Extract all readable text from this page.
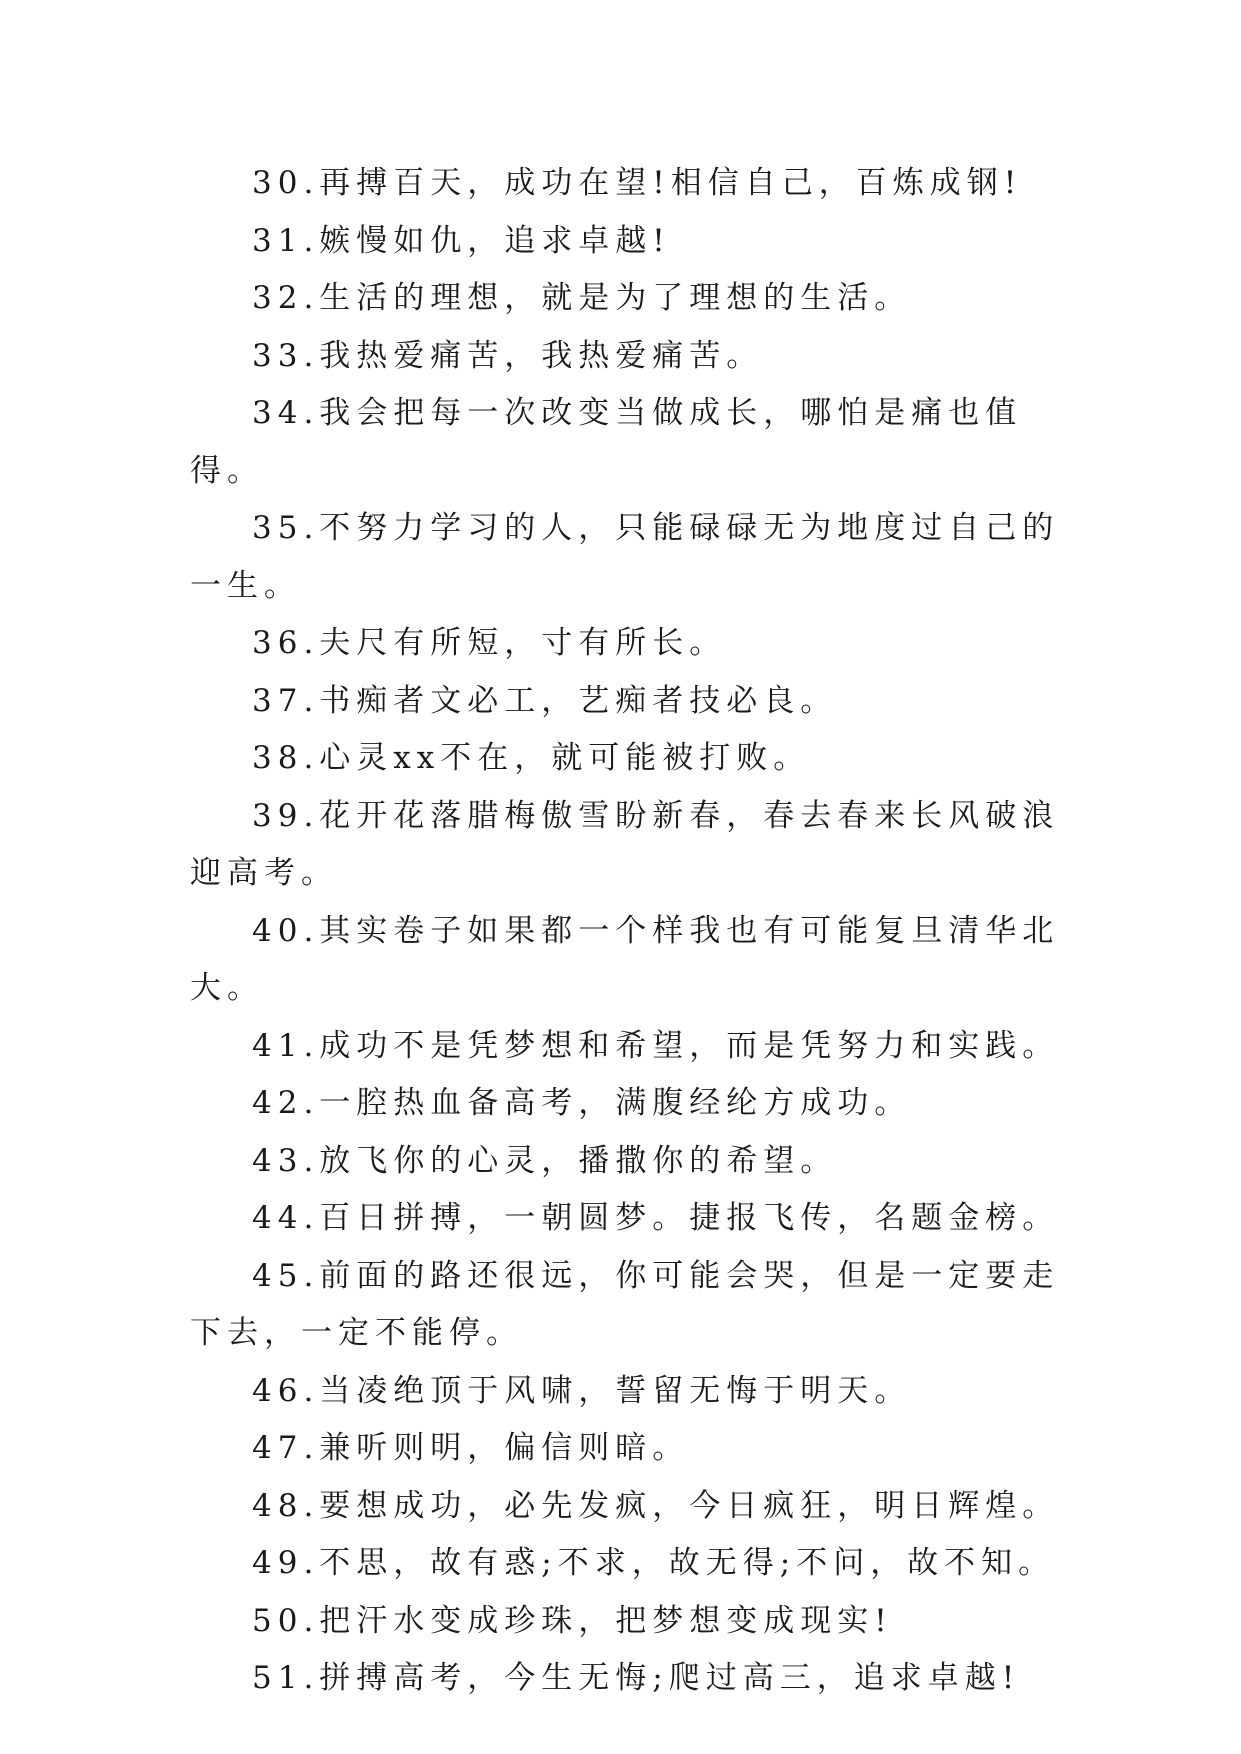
30.再搏百天，成功在望!相信自己，百炼成钢!

31.嫉慢如仇，追求卓越!

32.生活的理想，就是为了理想的生活。

33.我热爱痛苦，我热爱痛苦。

34.我会把每一次改变当做成长，哪怕是痛也值得。

35.不努力学习的人，只能碌碌无为地度过自己的一生。

36.夫尺有所短，寸有所长。

37.书痴者文必工，艺痴者技必良。

38.心灵xx不在，就可能被打败。

39.花开花落腊梅傲雪盼新春，春去春来长风破浪迎高考。

40.其实卷子如果都一个样我也有可能复旦清华北大。

41.成功不是凭梦想和希望，而是凭努力和实践。

42.一腔热血备高考，满腹经纶方成功。

43.放飞你的心灵，播撒你的希望。

44.百日拼搏，一朝圆梦。捷报飞传，名题金榜。

45.前面的路还很远，你可能会哭，但是一定要走下去，一定不能停。

46.当凌绝顶于风啸，誓留无悔于明天。

47.兼听则明，偏信则暗。

48.要想成功，必先发疯，今日疯狂，明日辉煌。

49.不思，故有惑;不求，故无得;不问，故不知。

50.把汗水变成珍珠，把梦想变成现实!

51.拼搏高考，今生无悔;爬过高三，追求卓越!
